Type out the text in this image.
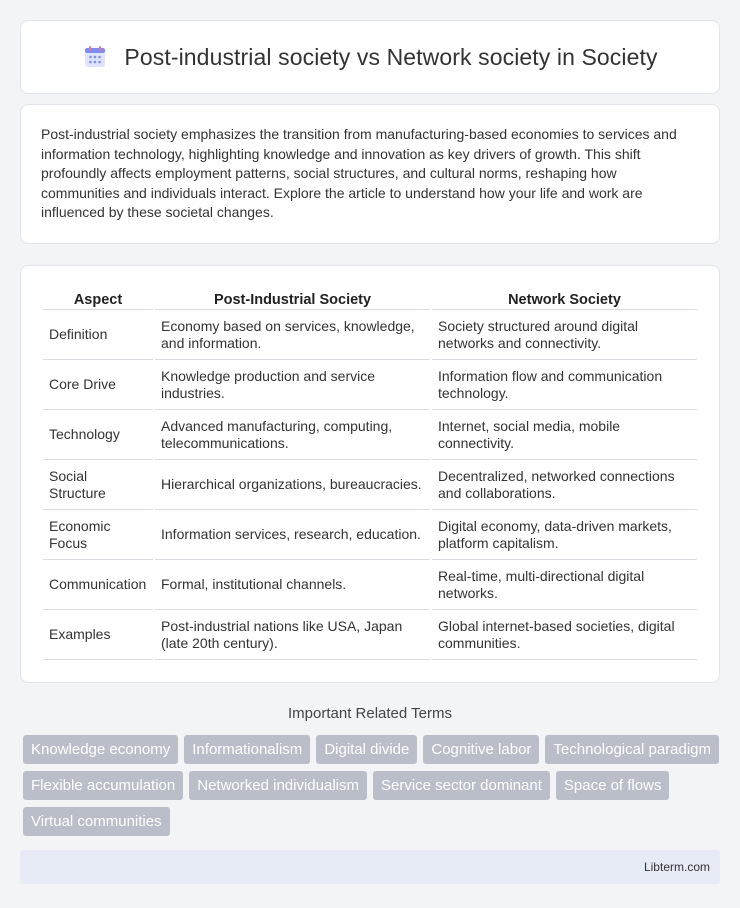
Post-industrial society vs Network society in Society

Post-industrial society emphasizes the transition from manufacturing-based economies to services and information technology, highlighting knowledge and innovation as key drivers of growth. This shift profoundly affects employment patterns, social structures, and cultural norms, reshaping how communities and individuals interact. Explore the article to understand how your life and work are influenced by these societal changes.

Aspect	Post-Industrial Society	Network Society
Definition	Economy based on services, knowledge, and information.	Society structured around digital networks and connectivity.
Core Drive	Knowledge production and service industries.	Information flow and communication technology.
Technology	Advanced manufacturing, computing, telecommunications.	Internet, social media, mobile connectivity.
Social Structure	Hierarchical organizations, bureaucracies.	Decentralized, networked connections and collaborations.
Economic Focus	Information services, research, education.	Digital economy, data-driven markets, platform capitalism.
Communication	Formal, institutional channels.	Real-time, multi-directional digital networks.
Examples	Post-industrial nations like USA, Japan (late 20th century).	Global internet-based societies, digital communities.
Important Related Terms
Knowledge economy	Informationalism	Digital divide	Cognitive labor	Technological paradigm
Flexible accumulation	Networked individualism	Service sector dominant	Space of flows
Virtual communities
Libterm.com
